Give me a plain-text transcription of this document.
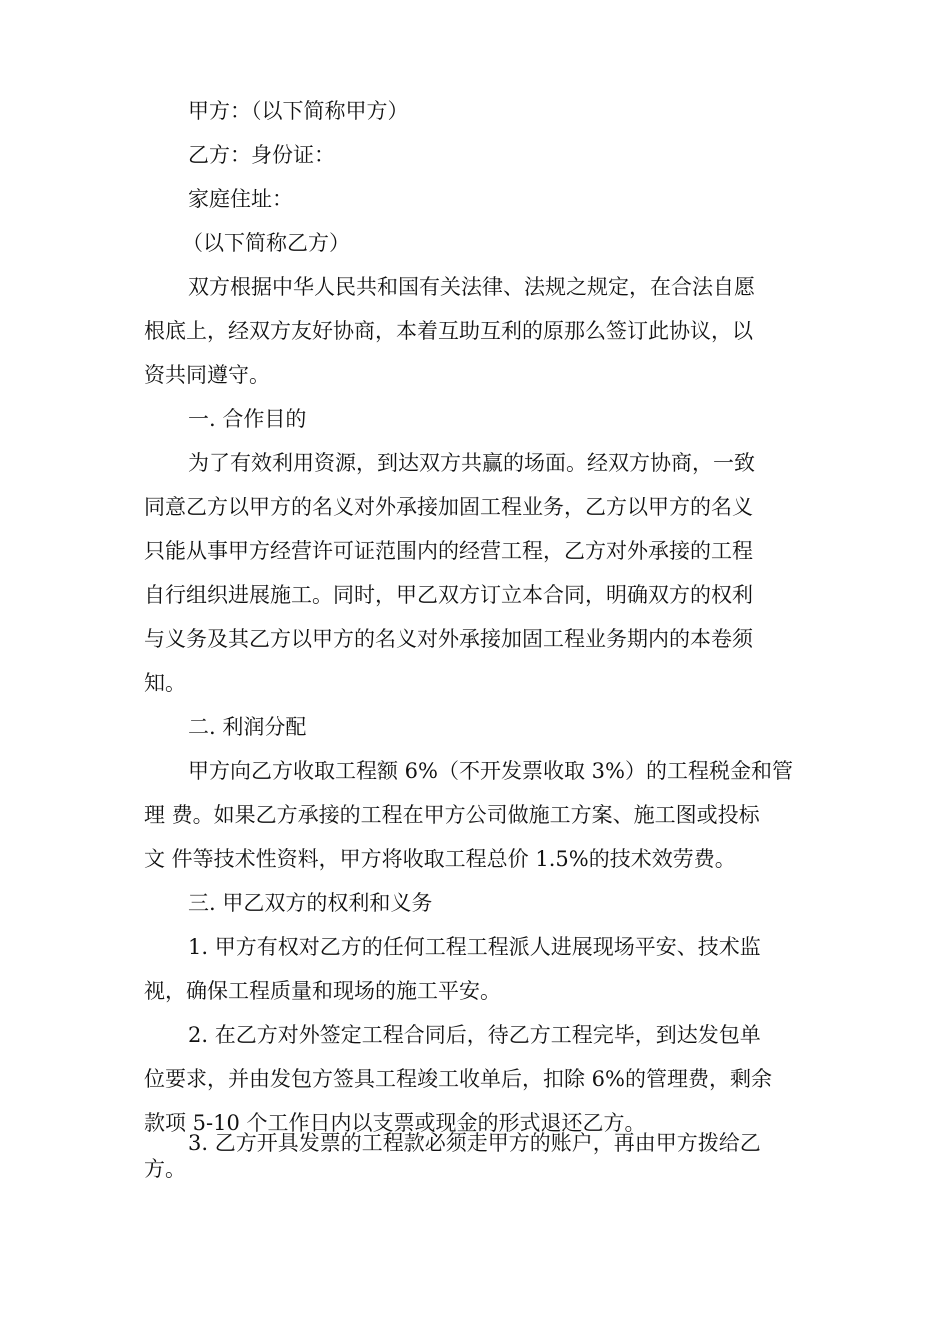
甲方：（以下简称甲方）
乙方：身份证：
家庭住址：
（以下简称乙方）
双方根据中华人民共和国有关法律、法规之规定，在合法自愿
根底上，经双方友好协商，本着互助互利的原那么签订此协议，以
资共同遵守。
一. 合作目的
为了有效利用资源，到达双方共赢的场面。经双方协商，一致
同意乙方以甲方的名义对外承接加固工程业务，乙方以甲方的名义
只能从事甲方经营许可证范围内的经营工程，乙方对外承接的工程
自行组织进展施工。同时，甲乙双方订立本合同，明确双方的权利
与义务及其乙方以甲方的名义对外承接加固工程业务期内的本卷须
知。
二. 利润分配
甲方向乙方收取工程额 6%（不开发票收取 3%）的工程税金和管
理 费。如果乙方承接的工程在甲方公司做施工方案、施工图或投标
文 件等技术性资料，甲方将收取工程总价 1.5%的技术效劳费。
三. 甲乙双方的权利和义务
1. 甲方有权对乙方的任何工程工程派人进展现场平安、技术监
视，确保工程质量和现场的施工平安。
2. 在乙方对外签定工程合同后，待乙方工程完毕，到达发包单
位要求，并由发包方签具工程竣工收单后，扣除 6%的管理费，剩余
款项 5-10 个工作日内以支票或现金的形式退还乙方。
3. 乙方开具发票的工程款必须走甲方的账户，再由甲方拨给乙
方。
